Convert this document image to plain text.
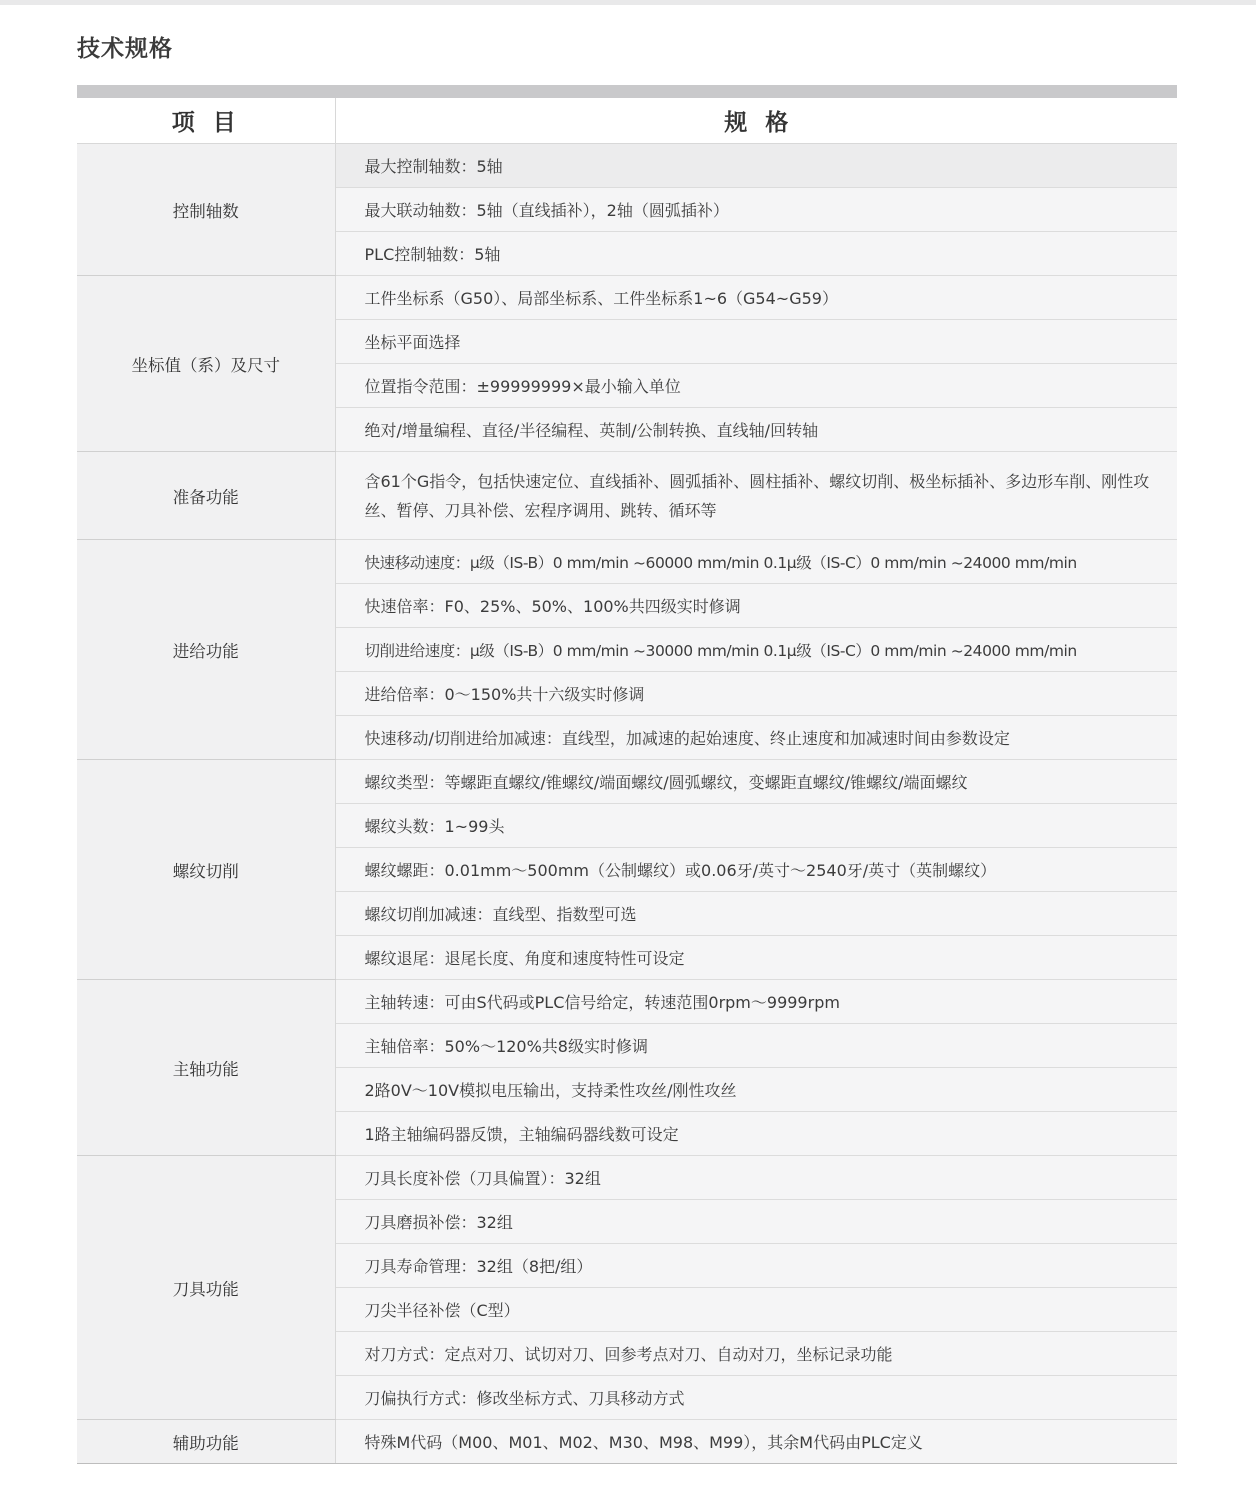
技术规格
项目	规格
控制轴数	最大控制轴数：5轴
	最大联动轴数：5轴（直线插补），2轴（圆弧插补）
	PLC控制轴数：5轴
坐标值（系）及尺寸	工件坐标系（G50）、局部坐标系、工件坐标系1~6（G54~G59）
	坐标平面选择
	位置指令范围：±99999999×最小输入单位
	绝对/增量编程、直径/半径编程、英制/公制转换、直线轴/回转轴
准备功能	含61个G指令，包括快速定位、直线插补、圆弧插补、圆柱插补、螺纹切削、极坐标插补、多边形车削、刚性攻丝、暂停、刀具补偿、宏程序调用、跳转、循环等
进给功能	快速移动速度：μ级（IS-B）0 mm/min ~60000 mm/min 0.1μ级（IS-C）0 mm/min ~24000 mm/min
	快速倍率：F0、25%、50%、100%共四级实时修调
	切削进给速度：μ级（IS-B）0 mm/min ~30000 mm/min 0.1μ级（IS-C）0 mm/min ~24000 mm/min
	进给倍率：0～150%共十六级实时修调
	快速移动/切削进给加减速：直线型，加减速的起始速度、终止速度和加减速时间由参数设定
螺纹切削	螺纹类型：等螺距直螺纹/锥螺纹/端面螺纹/圆弧螺纹，变螺距直螺纹/锥螺纹/端面螺纹
	螺纹头数：1~99头
	螺纹螺距：0.01mm～500mm（公制螺纹）或0.06牙/英寸～2540牙/英寸（英制螺纹）
	螺纹切削加减速：直线型、指数型可选
	螺纹退尾：退尾长度、角度和速度特性可设定
主轴功能	主轴转速：可由S代码或PLC信号给定，转速范围0rpm～9999rpm
	主轴倍率：50%～120%共8级实时修调
	2路0V～10V模拟电压输出，支持柔性攻丝/刚性攻丝
	1路主轴编码器反馈，主轴编码器线数可设定
刀具功能	刀具长度补偿（刀具偏置）：32组
	刀具磨损补偿：32组
	刀具寿命管理：32组（8把/组）
	刀尖半径补偿（C型）
	对刀方式：定点对刀、试切对刀、回参考点对刀、自动对刀，坐标记录功能
	刀偏执行方式：修改坐标方式、刀具移动方式
辅助功能	特殊M代码（M00、M01、M02、M30、M98、M99），其余M代码由PLC定义
